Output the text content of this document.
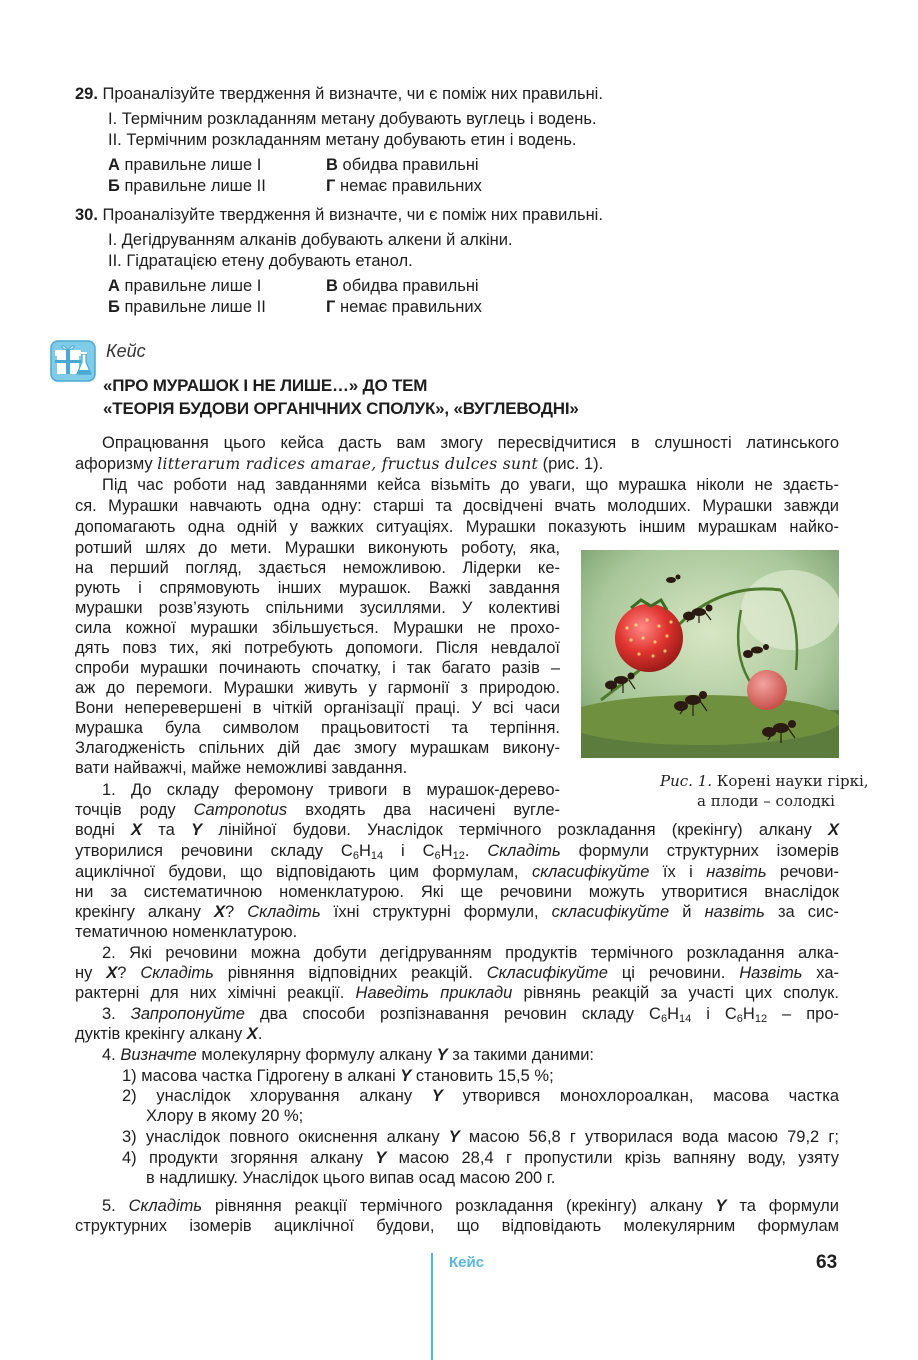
29. Проаналізуйте твердження й визначте, чи є поміж них правильні.
I. Термічним розкладанням метану добувають вуглець і водень.
II. Термічним розкладанням метану добувають етин і водень.
А правильне лише I
Б правильне лише II
В обидва правильні
Г немає правильних
30. Проаналізуйте твердження й визначте, чи є поміж них правильні.
I. Дегідруванням алканів добувають алкени й алкіни.
II. Гідратацією етену добувають етанол.
А правильне лише I
Б правильне лише II
В обидва правильні
Г немає правильних
Кейс
«ПРО МУРАШОК І НЕ ЛИШЕ…» ДО ТЕМ
«ТЕОРІЯ БУДОВИ ОРГАНІЧНИХ СПОЛУК», «ВУГЛЕВОДНІ»
Опрацювання цього кейса дасть вам змогу пересвідчитися в слушності латинського
афоризму litterarum radices amarae, fructus dulces sunt (рис. 1).
Під час роботи над завданнями кейса візьміть до уваги, що мурашка ніколи не здаєть-
ся. Мурашки навчають одна одну: старші та досвідчені вчать молодших. Мурашки завжди
допомагають одна одній у важких ситуаціях. Мурашки показують іншим мурашкам найко-
ротший шлях до мети. Мурашки виконують роботу, яка,
на перший погляд, здається неможливою. Лідерки ке-
рують і спрямовують інших мурашок. Важкі завдання
мурашки розв’язують спільними зусиллями. У колективі
сила кожної мурашки збільшується. Мурашки не прохо-
дять повз тих, які потребують допомоги. Після невдалої
спроби мурашки починають спочатку, і так багато разів –
аж до перемоги. Мурашки живуть у гармонії з природою.
Вони неперевершені в чіткій організації праці. У всі часи
мурашка була символом працьовитості та терпіння.
Злагодженість спільних дій дає змогу мурашкам викону-
вати найважчі, майже неможливі завдання.
Рис. 1. Корені науки гіркі,
а плоди – солодкі
1. До складу феромону тривоги в мурашок-дерево-
точців роду Camponotus входять два насичені вугле-
водні X та Y лінійної будови. Унаслідок термічного розкладання (крекінгу) алкану X
утворилися речовини складу $C_6H_{14}$ і $C_6H_{12}$. Складіть формули структурних ізомерів
ациклічної будови, що відповідають цим формулам, скласифікуйте їх і назвіть речови-
ни за систематичною номенклатурою. Які ще речовини можуть утворитися внаслідок
крекінгу алкану X? Складіть їхні структурні формули, скласифікуйте й назвіть за сис-
тематичною номенклатурою.
2. Які речовини можна добути дегідруванням продуктів термічного розкладання алка-
ну X? Складіть рівняння відповідних реакцій. Скласифікуйте ці речовини. Назвіть ха-
рактерні для них хімічні реакції. Наведіть приклади рівнянь реакцій за участі цих сполук.
3. Запропонуйте два способи розпізнавання речовин складу $C_6H_{14}$ і $C_6H_{12} - про-$
дуктів крекінгу алкану X.
4. Визначте молекулярну формулу алкану Y за такими даними:
1) масова частка Гідрогену в алкані Y становить 15,5 %;
2) унаслідок хлорування алкану Y утворився монохлороалкан, масова частка
Хлору в якому 20 %;
3) унаслідок повного окиснення алкану Y масою 56,8 г утворилася вода масою 79,2 г;
4) продукти згоряння алкану Y масою 28,4 г пропустили крізь вапняну воду, узяту
в надлишку. Унаслідок цього випав осад масою 200 г.
5. Складіть рівняння реакції термічного розкладання (крекінгу) алкану Y та формули
структурних ізомерів ациклічної будови, що відповідають молекулярним формулам
Кейс	63
